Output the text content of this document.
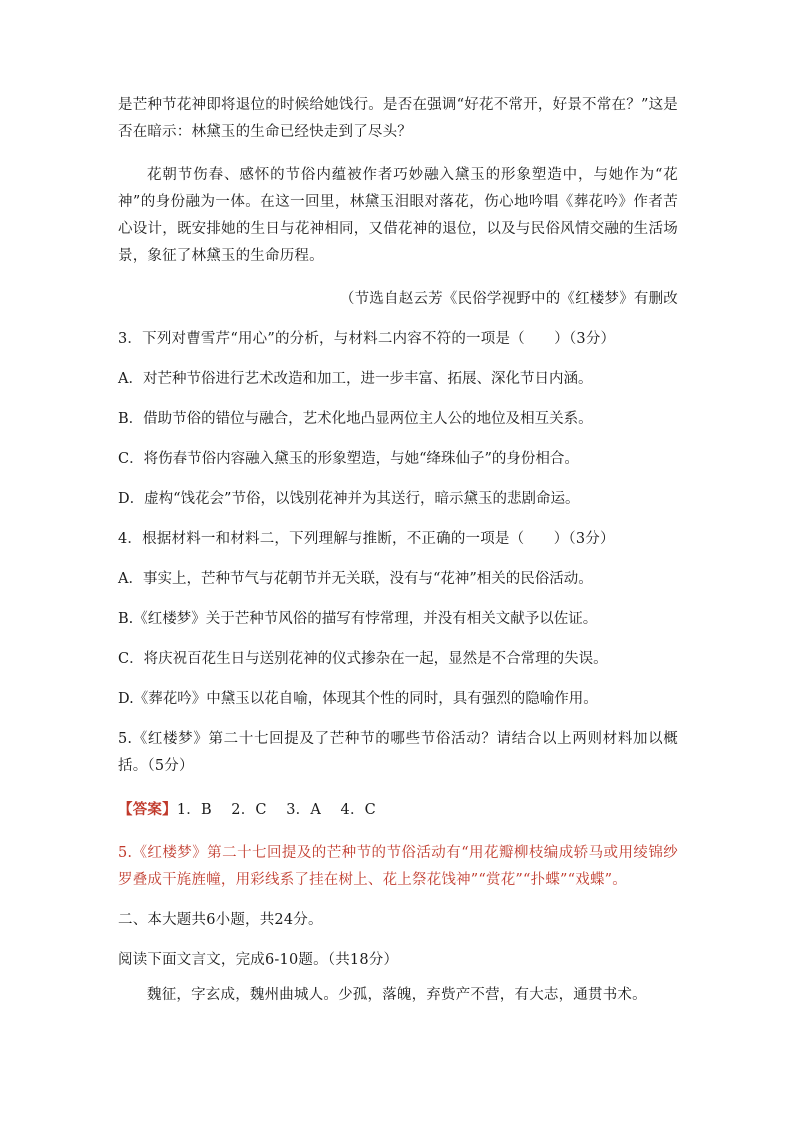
是芒种节花神即将退位的时候给她饯行。是否在强调“好花不常开，好景不常在？”这是否在暗示：林黛玉的生命已经快走到了尽头？

花朝节伤春、感怀的节俗内蕴被作者巧妙融入黛玉的形象塑造中，与她作为“花神”的身份融为一体。在这一回里，林黛玉泪眼对落花，伤心地吟唱《葬花吟》作者苦心设计，既安排她的生日与花神相同，又借花神的退位，以及与民俗风情交融的生活场景，象征了林黛玉的生命历程。

（节选自赵云芳《民俗学视野中的《红楼梦》有删改

3．下列对曹雪芹“用心”的分析，与材料二内容不符的一项是（　　）（3分）

A．对芒种节俗进行艺术改造和加工，进一步丰富、拓展、深化节日内涵。

B．借助节俗的错位与融合，艺术化地凸显两位主人公的地位及相互关系。

C．将伤春节俗内容融入黛玉的形象塑造，与她“绛珠仙子”的身份相合。

D．虚构“饯花会”节俗，以饯别花神并为其送行，暗示黛玉的悲剧命运。

4．根据材料一和材料二，下列理解与推断，不正确的一项是（　　）（3分）

A．事实上，芒种节气与花朝节并无关联，没有与“花神”相关的民俗活动。

B.《红楼梦》关于芒种节风俗的描写有悖常理，并没有相关文献予以佐证。

C．将庆祝百花生日与送别花神的仪式掺杂在一起，显然是不合常理的失误。

D.《葬花吟》中黛玉以花自喻，体现其个性的同时，具有强烈的隐喻作用。

5.《红楼梦》第二十七回提及了芒种节的哪些节俗活动？请结合以上两则材料加以概括。（5分）

【答案】1．B　 2．C　 3．A　 4．C

5.《红楼梦》第二十七回提及的芒种节的节俗活动有“用花瓣柳枝编成轿马或用绫锦纱罗叠成干旄旌幢，用彩线系了挂在树上、花上祭花饯神”“赏花”“扑蝶”“戏蝶”。

二、本大题共6小题，共24分。

阅读下面文言文，完成6-10题。（共18分）

魏征，字玄成，魏州曲城人。少孤，落魄，弃赀产不营，有大志，通贯书术。
